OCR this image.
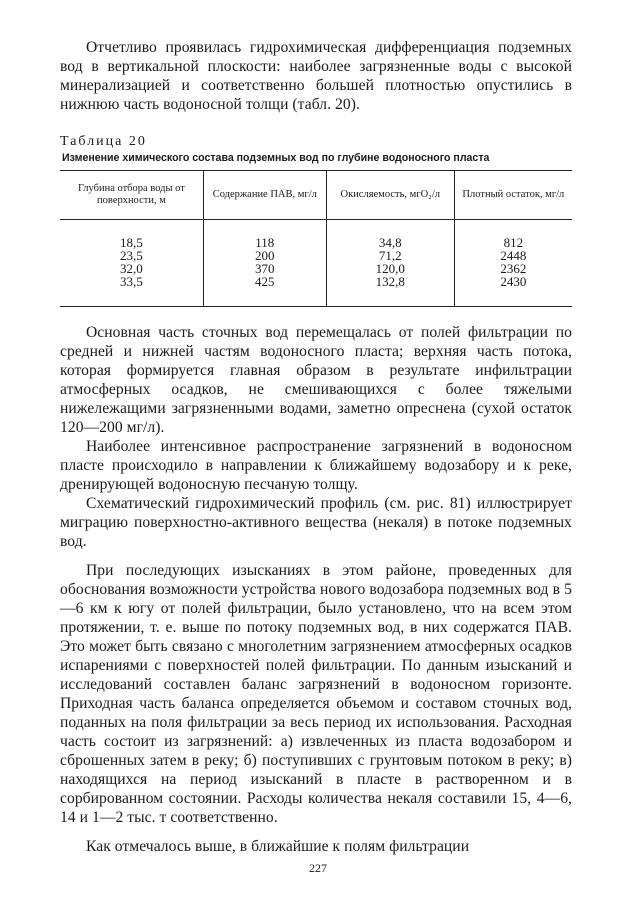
Отчетливо проявилась гидрохимическая дифференциация подземных вод в вертикальной плоскости: наиболее загрязненные воды с высокой минерализацией и соответственно большей плотностью опустились в нижнюю часть водоносной толщи (табл. 20).

Таблица 20
Изменение химического состава подземных вод по глубине водоносного пласта
Глубина отбора воды от поверхности, м	Содержание ПАВ, мг/л	Окисляемость, мгO₂/л	Плотный остаток, мг/л
18,5	118	34,8	812
23,5	200	71,2	2448
32,0	370	120,0	2362
33,5	425	132,8	2430

Основная часть сточных вод перемещалась от полей фильтрации по средней и нижней частям водоносного пласта; верхняя часть потока, которая формируется главная образом в результате инфильтрации атмосферных осадков, не смешивающихся с более тяжелыми нижележащими загрязненными водами, заметно опреснена (сухой остаток 120—200 мг/л).

Наиболее интенсивное распространение загрязнений в водоносном пласте происходило в направлении к ближайшему водозабору и к реке, дренирующей водоносную песчаную толщу.

Схематический гидрохимический профиль (см. рис. 81) иллюстрирует миграцию поверхностно-активного вещества (некаля) в потоке подземных вод.

При последующих изысканиях в этом районе, проведенных для обоснования возможности устройства нового водозабора подземных вод в 5—6 км к югу от полей фильтрации, было установлено, что на всем этом протяжении, т. е. выше по потоку подземных вод, в них содержатся ПАВ. Это может быть связано с многолетним загрязнением атмосферных осадков испарениями с поверхностей полей фильтрации. По данным изысканий и исследований составлен баланс загрязнений в водоносном горизонте. Приходная часть баланса определяется объемом и составом сточных вод, поданных на поля фильтрации за весь период их использования. Расходная часть состоит из загрязнений: а) извлеченных из пласта водозабором и сброшенных затем в реку; б) поступивших с грунтовым потоком в реку; в) находящихся на период изысканий в пласте в растворенном и в сорбированном состоянии. Расходы количества некаля составили 15, 4—6, 14 и 1—2 тыс. т соответственно.

Как отмечалось выше, в ближайшие к полям фильтрации

227
